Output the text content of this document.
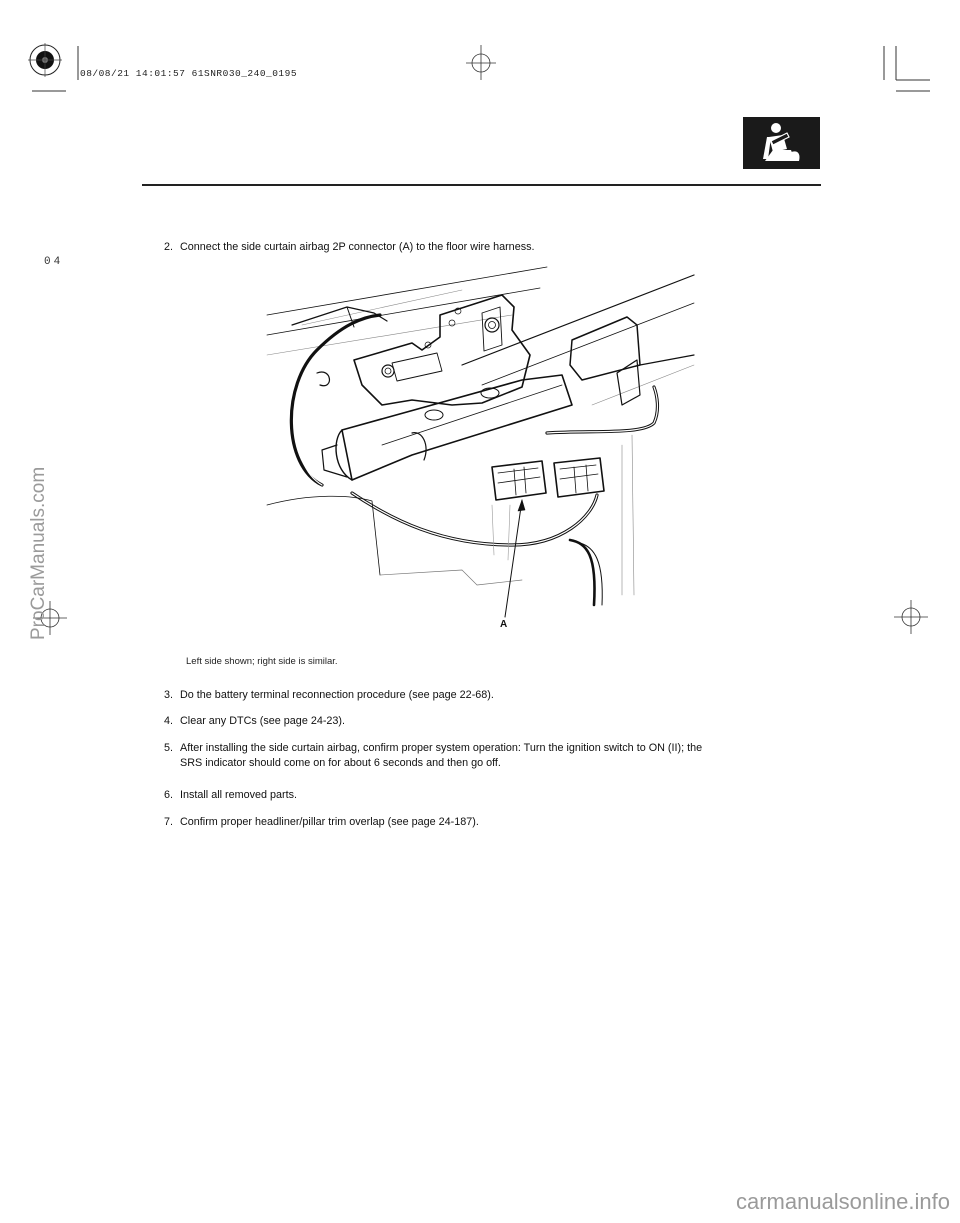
08/08/21 14:01:57 61SNR030_240_0195
ProCarManuals.com
04
2. Connect the side curtain airbag 2P connector (A) to the floor wire harness.
A
Left side shown; right side is similar.
3. Do the battery terminal reconnection procedure (see page 22-68).
4. Clear any DTCs (see page 24-23).
5. After installing the side curtain airbag, confirm proper system operation: Turn the ignition switch to ON (II); the
SRS indicator should come on for about 6 seconds and then go off.
6. Install all removed parts.
7. Confirm proper headliner/pillar trim overlap (see page 24-187).
carmanualsonline.info
